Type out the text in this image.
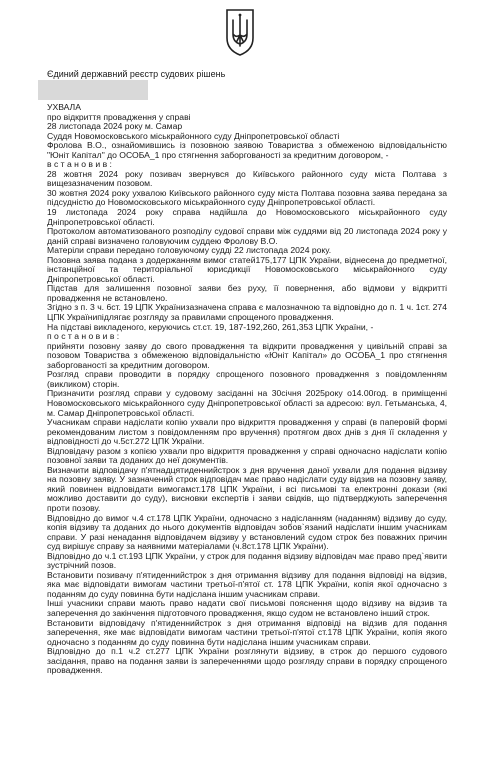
Єдиний державний реєстр судових рішень

УХВАЛА

про відкриття провадження у справі

28 листопада 2024 року м. Самар

Суддя Новомосковського міськрайонного суду Дніпропетровської області

Фролова В.О., ознайомившись із позовною заявою Товариства з обмеженою відповідальністю "Юніт Капітал" до ОСОБА_1 про стягнення заборгованості за кредитним договором, -

в с т а н о в и в :

28 жовтня 2024 року позивач звернувся до Київського районного суду міста Полтава з вищезазначеним позовом.

30 жовтня 2024 року ухвалою Київського районного суду міста Полтава позовна заява передана за підсудністю до Новомосковського міськрайонного суду Дніпропетровської області.

19 листопада 2024 року справа надійшла до Новомосковського міськрайонного суду Дніпропетровської області.

Протоколом автоматизованого розподілу судової справи між суддями від 20 листопада 2024 року у даній справі визначено головуючим суддею Фролову В.О.

Матеріли справи передано головуючому судді 22 листопада 2024 року.

Позовна заява подана з додержанням вимог статей175,177 ЦПК України, віднесена до предметної, інстанційної та територіальної юрисдикції Новомосковського міськрайонного суду Дніпропетровської області.

Підстав для залишення позовної заяви без руху, її повернення, або відмови у відкритті провадження не встановлено.

Згідно з п. 3 ч. 6ст. 19 ЦПК Українизазначена справа є малозначною та відповідно до п. 1 ч. 1ст. 274 ЦПК Українипідлягає розгляду за правилами спрощеного провадження.

На підставі викладеного, керуючись ст.ст. 19, 187-192,260, 261,353 ЦПК України, -

п о с т а н о в и в :

прийняти позовну заяву до свого провадження та відкрити провадження у цивільній справі за позовом Товариства з обмеженою відповідальністю «Юніт Капітал» до ОСОБА_1 про стягнення заборгованості за кредитним договором.

Розгляд справи проводити в порядку спрощеного позовного провадження з повідомленням (викликом) сторін.

Призначити розгляд справи у судовому засіданні на 30січня 2025року о14.00год. в приміщенні Новомосковського міськрайонного суду Дніпропетровської області за адресою: вул. Гетьманська, 4, м. Самар Дніпропетровської області.

Учасникам справи надіслати копію ухвали про відкриття провадження у справі (в паперовій формі рекомендованим листом з повідомленням про вручення) протягом двох днів з дня її складення у відповідності до ч.5ст.272 ЦПК України.

Відповідачу разом з копією ухвали про відкриття провадження у справі одночасно надіслати копію позовної заяви та доданих до неї документів.

Визначити відповідачу п'ятнадцятиденнийстрок з дня вручення даної ухвали для подання відзиву на позовну заяву. У зазначений строк відповідач має право надіслати суду відзив на позовну заяву, який повинен відповідати вимогамст.178 ЦПК України, і всі письмові та електронні докази (які можливо доставити до суду), висновки експертів і заяви свідків, що підтверджують заперечення проти позову.

Відповідно до вимог ч.4 ст.178 ЦПК України, одночасно з надісланням (наданням) відзиву до суду, копія відзиву та доданих до нього документів відповідач зобов`язаний надіслати іншим учасникам справи. У разі ненадання відповідачем відзиву у встановлений судом строк без поважних причин суд вирішує справу за наявними матеріалами (ч.8ст.178 ЦПК України).

Відповідно до ч.1 ст.193 ЦПК України, у строк для подання відзиву відповідач має право пред`явити зустрічний позов.

Встановити позивачу п'ятиденнийстрок з дня отримання відзиву для подання відповіді на відзив, яка має відповідати вимогам частини третьої-п'ятої ст. 178 ЦПК України, копія якої одночасно з поданням до суду повинна бути надіслана іншим учасникам справи.

Інші учасники справи мають право надати свої письмові пояснення щодо відзиву на відзив та заперечення до закінчення підготовчого провадження, якщо судом не встановлено інший строк.

Встановити відповідачу п'ятиденнийстрок з дня отримання відповіді на відзив для подання заперечення, яке має відповідати вимогам частини третьої-п'ятої ст.178 ЦПК України, копія якого одночасно з поданням до суду повинна бути надіслана іншим учасникам справи.

Відповідно до п.1 ч.2 ст.277 ЦПК України розглянути відзиву, в строк до першого судового засідання, право на подання заяви із запереченнями щодо розгляду справи в порядку спрощеного провадження.
